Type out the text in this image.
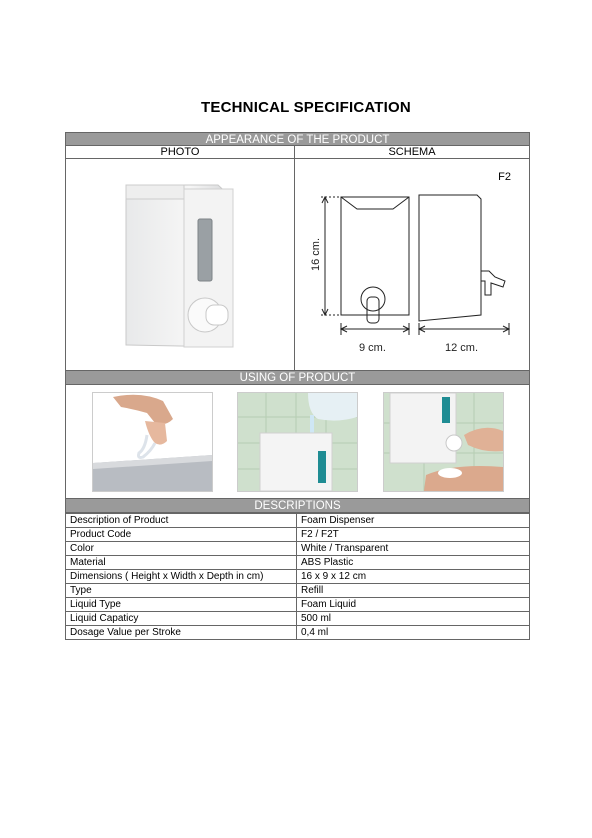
TECHNICAL SPECIFICATION
APPEARANCE OF THE PRODUCT
PHOTO	SCHEMA
F2
16 cm.
9 cm.	12 cm.
USING OF PRODUCT
DESCRIPTIONS
Description of Product	Foam Dispenser
Product Code	F2 / F2T
Color	White / Transparent
Material	ABS Plastic
Dimensions ( Height x Width x Depth in cm)	16 x 9 x 12 cm
Type	Refill
Liquid Type	Foam Liquid
Liquid Capaticy	500 ml
Dosage Value per Stroke	0,4 ml
